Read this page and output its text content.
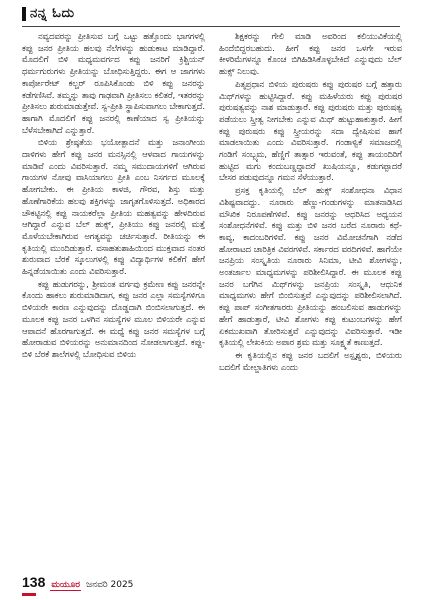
ನನ್ನ ಓದು

ನವ್ಯದವರನ್ನು ಪ್ರೀತಿಸುವ ಬಗ್ಗೆ ಒಟ್ಟು ಹತ್ತೊಂದು ಭಾಗಗಳಲ್ಲಿ ಕಪ್ಪು ಜನರ ಪ್ರೀತಿಯ ಹಲವು ನೆಲೆಗಳನ್ನು ಹುಡುಕಾಟ ಮಾಡಿದ್ದಾರೆ. ಮೊದಲಿಗೆ ಬಿಳಿ ಮಧ್ಯಮವರ್ಗದ ಕಪ್ಪು ಜನರಿಗೆ ಕ್ರಿಶ್ಚಿಯನ್ ಧರ್ಮಗುರುಗಳು ಪ್ರೀತಿಯನ್ನು ಬೋಧಿಸುತ್ತಿದ್ದರು. ಈಗ ಆ ಜಾಗಗಳು ಕಾರ್ಪೋರೇಟ್ ಕಲ್ಚರ್ ರೂಪಿಸಿಕೊಂಡು ಬಿಳಿ ಕಪ್ಪು ಜನರನ್ನು ಕಡೆಗಣಿಸಿವೆ. ತಮ್ಮನ್ನು ತಾವು ಗಾಢವಾಗಿ ಪ್ರೀತಿಸಲು ಕಲಿತರೆ, ಇತರರನ್ನು ಪ್ರೀತಿಸಲು ಶುರುಮಾಡುತ್ತೇವೆ. ಸ್ವ-ಪ್ರೀತಿ ಸ್ಥಾಪಿಸುವಾಗಲು ಬೇಕಾಗುತ್ತದೆ. ಹಾಗಾಗಿ ಮೊದಲಿಗೆ ಕಪ್ಪು ಜನರಲ್ಲಿ ಕಾಣೆಯಾದ ಸ್ವ ಪ್ರೀತಿಯನ್ನು ಬೆಳೆಸಬೇಕಾಗಿದೆ ಎನ್ನುತ್ತಾರೆ.

ಬಿಳಿಯ ಶ್ರೇಷ್ಠತೆಯ ಭಯೋತ್ಪಾದನೆ ಮತ್ತು ಜನಾಂಗೀಯ ದಾಳಿಗಳು ಹೇಗೆ ಕಪ್ಪು ಜನರ ಮನಸ್ಸಿನಲ್ಲಿ ಆಳವಾದ ಗಾಯಗಳನ್ನು ಮಾಡಿವೆ ಎಂದು ವಿವರಿಸುತ್ತಾರೆ. ನಮ್ಮ ಸಮುದಾಯಗಳಿಗೆ ಆಗಿರುವ ಗಾಯಗಳ ನೋವು ವಾಸಿಯಾಗಲು ಪ್ರೀತಿ ಎಂಬ ನಿಸರ್ಗದ ಮೂಲಕ್ಕೆ ಹೋಗಬೇಕು. ಈ ಪ್ರೀತಿಯ ಕಾಳಜಿ, ಗೌರವ, ಶಿಸ್ತು ಮತ್ತು ಹೊಣೆಗಾರಿಕೆಯ ಹಲವು ಶಕ್ತಿಗಳನ್ನು ಜಾಗೃತಗೊಳಿಸುತ್ತದೆ. ಅಧಿಕಾರದ ಚೌಕಟ್ಟಿನಲ್ಲಿ ಕಪ್ಪು ನಾಯಕರೆಲ್ಲಾ ಪ್ರೀತಿಯ ಮಹತ್ವವನ್ನು ಹೇಳದಿರುವ ಆಗಿದ್ದಾರೆ ಎನ್ನುವ ಬೆಲ್ ಹುಕ್ಸ್, ಪ್ರೀತಿಯು ಕಪ್ಪು ಜನರಲ್ಲಿ ಮತ್ತೆ ಮೊಳೆಯಬೇಕಾಗಿರುವ ಅಗತ್ಯವನ್ನು ಚರ್ಚಿಸುತ್ತಾರೆ. ರೀತಿಯನ್ನು ಈ ಕೃತಿಯಲ್ಲಿ ಮುಂದಿಡುತ್ತಾರೆ. ವಸಾಹತುಶಾಹಿಯಿಂದ ಮುಕ್ತವಾದ ನಂತರ ಶುರುವಾದ ಬೆರಕೆ ಸ್ಕೂಲುಗಳಲ್ಲಿ ಕಪ್ಪು ವಿದ್ಯಾರ್ಥಿಗಳ ಕಲಿಕೆಗೆ ಹೇಗೆ ಹಿನ್ನಡೆಯಾಯಿತು ಎಂದು ವಿವರಿಸುತ್ತಾರೆ.

ಕಪ್ಪು ಹುಡುಗರನ್ನು, ಶ್ರೀಮಂತ ವರ್ಗವು ಕ್ರಮೇಣ ಕಪ್ಪು ಜನರನ್ನೇ ಕೊಂದು ಹಾಕಲು ಶುರುಮಾಡಿದಾಗ, ಕಪ್ಪು ಜನರ ಎಲ್ಲಾ ಸಮಸ್ಯೆಗಳಿಗೂ ಬಿಳಿಯರೇ ಕಾರಣ ಎನ್ನುವುದನ್ನು ದೊಡ್ಡದಾಗಿ ಬಿಂಬಿಸಲಾಗುತ್ತದೆ. ಈ ಮೂಲಕ ಕಪ್ಪು ಜನರ ಒಳಗಿನ ಸಮಸ್ಯೆಗಳ ಮೂಲ ಬಿಳಿಯರೇ ಎನ್ನುವ ಆಪಾದನೆ ಹೊರಗಾಗುತ್ತದೆ. ಈ ಮಧ್ಯೆ ಕಪ್ಪು ಜನರ ಸಮಸ್ಯೆಗಳ ಬಗ್ಗೆ ಹೋರಾಡುವ ಬಿಳಿಯರನ್ನು ಅನುಮಾನದಿಂದ ನೋಡಲಾಗುತ್ತದೆ. ಕಪ್ಪು-ಬಿಳಿ ಬೆರಕೆ ಶಾಲೆಗಳಲ್ಲಿ ಬೋಧಿಸುವ ಬಿಳಿಯ

ಶಿಕ್ಷಕರನ್ನು ಗೇಲಿ ಮಾಡಿ ಅವರಿಂದ ಕಲಿಯುವಿಕೆಯಲ್ಲಿ ಹಿಂದೆಬಿದ್ದರಬಹುದು. ಹೀಗೆ ಕಪ್ಪು ಜನರ ಒಳಗೇ ಇರುವ ಕೀಳರಿಮೆಗಳನ್ನೂ ಕೊಂಚ ಬಿಗಿಹಿಡಿಸಿಕೊಳ್ಳಬೇಕಿದೆ ಎನ್ನುವುದು ಬೆಲ್ ಹುಕ್ಸ್ ನಿಲುವು.

ಪಿತೃಪ್ರಧಾನ ಬಿಳಿಯ ಪುರುಷರು ಕಪ್ಪು ಪುರುಷರ ಬಗ್ಗೆ ಹತ್ತಾರು ಮಿಥ್‌ಗಳನ್ನು ಹುಟ್ಟಿಸಿದ್ದಾರೆ. ಕಪ್ಪು ಮಹಿಳೆಯರು ಕಪ್ಪು ಪುರುಷರ ಪುರುಷತ್ವವನ್ನು ನಾಶ ಮಾಡುತ್ತಾರೆ. ಕಪ್ಪು ಪುರುಷರು ಮತ್ತು ಪುರುಷತ್ವ ಪಡೆಯಲು ಸ್ತ್ರೀತ್ವ ನೀಗಬೇಕು ಎನ್ನುವ ಮಿಥ್ ಹುಟ್ಟುಹಾಕುತ್ತಾರೆ. ಹೀಗೆ ಕಪ್ಪು ಪುರುಷರು ಕಪ್ಪು ಸ್ತ್ರೀಯರನ್ನು ಸದಾ ದ್ವೇಷಿಸುವ ಹಾಗೆ ಮಾಡಲಾಯಿತು ಎಂದು ವಿವರಿಸುತ್ತಾರೆ. ಗಂಡಾಳ್ವಿಕೆ ಸಮಾಜದಲ್ಲಿ ಗಂಡಿಗೆ ಸಂಬ್ಬ್ಯಮ, ಹೆಣ್ಣಿಗೆ ತಾತ್ಸಾರ ಇರುವಂತೆ, ಕಪ್ಪು ತಾಯಂದಿರಿಗೆ ಹುಟ್ಟಿದ ಮಗು ಕಂದುಬಣ್ಣದ್ದಾದರೆ ಖುಷಿಯನ್ನೂ, ಕಡುಗಪ್ಪಾದರೆ ಬೇಸರ ಪಡುವುದನ್ನೂ ಗಮನ ಸೆಳೆಯುತ್ತಾರೆ.

ಪ್ರಸಕ್ತ ಕೃತಿಯಲ್ಲಿ ಬೆಲ್ ಹುಕ್ಸ್ ಸಂಶೋಧನಾ ವಿಧಾನ ವಿಶಿಷ್ಟವಾದದ್ದು. ನೂರಾರು ಹೆಣ್ಣು-ಗಂಡುಗಳನ್ನು ಮಾತನಾಡಿಸಿದ ಮೌಖಿಕ ನಿರೂಪಣೆಗಳಿವೆ. ಕಪ್ಪು ಜನರನ್ನು ಆಧರಿಸಿದ ಅಧ್ಯಯನ ಸಂಶೋಧನೆಗಳಿವೆ. ಕಪ್ಪು ಮತ್ತು ಬಿಳಿ ಜನರ ಬರೆದ ನೂರಾರು ಕಥೆ-ಕಾವ್ಯ, ಕಾದಂಬರಿಗಳಿವೆ. ಕಪ್ಪು ಜನರ ವಿಮೋಚನೆಗಾಗಿ ನಡೆದ ಹೋರಾಟದ ಚಾರಿತ್ರಿಕ ವಿವರಗಳಿವೆ. ಸರ್ಕಾರದ ವರದಿಗಳಿವೆ. ಹಾಗೆಯೇ ಜನಪ್ರಿಯ ಸಂಸ್ಕೃತಿಯ ನೂರಾರು ಸಿನಿಮಾ, ಟೀವಿ ಶೋಗಳನ್ನು, ಅಂತರ್ಜಾಲ ಮಾಧ್ಯಮಗಳನ್ನು ಪರಿಶೀಲಿಸಿದ್ದಾರೆ. ಈ ಮೂಲಕ ಕಪ್ಪು ಜನರ ಬಗೆಗಿನ ಮಿಥ್‌ಗಳನ್ನು ಜನಪ್ರಿಯ ಸಂಸ್ಕೃತಿ, ಆಧುನಿಕ ಮಾಧ್ಯಮಗಳು ಹೇಗೆ ಬಿಂಬಿಸುತ್ತವೆ ಎನ್ನುವುದನ್ನು ಪರಿಶೀಲಿಸಲಾಗಿದೆ. ಕಪ್ಪು ಪಾಪ್ ಸಂಗೀತಗಾರರು ಪ್ರೀತಿಯನ್ನು ಹಂಬಲಿಸುವ ಹಾಡುಗಳನ್ನು ಹೇಗೆ ಹಾಡುತ್ತಾರೆ, ಟೀವಿ ಶೋಗಳು ಕಪ್ಪು ಕುಟುಂಬಗಳನ್ನು ಹೇಗೆ ಏಕಮುಖವಾಗಿ ತೋರಿಸುತ್ತವೆ ಎನ್ನುವುದನ್ನು ವಿವರಿಸುತ್ತಾರೆ. ಇಡೀ ಕೃತಿಯಲ್ಲಿ ಲೇಖಕಿಯ ಅಪಾರ ಶ್ರಮ ಮತ್ತು ಸೂಕ್ಷ್ಮತೆ ಕಾಣುತ್ತದೆ.

ಈ ಕೃತಿಯಲ್ಲಿನ ಕಪ್ಪು ಜನರ ಬದಲಿಗೆ ಅಸ್ಪೃಶ್ಯರು, ಬಿಳಿಯರು ಬದಲಿಗೆ ಮೇಲ್ಜಾತಿಗಳು ಎಂದು

138 ಮಯೂರ ಜನವರಿ 2025
